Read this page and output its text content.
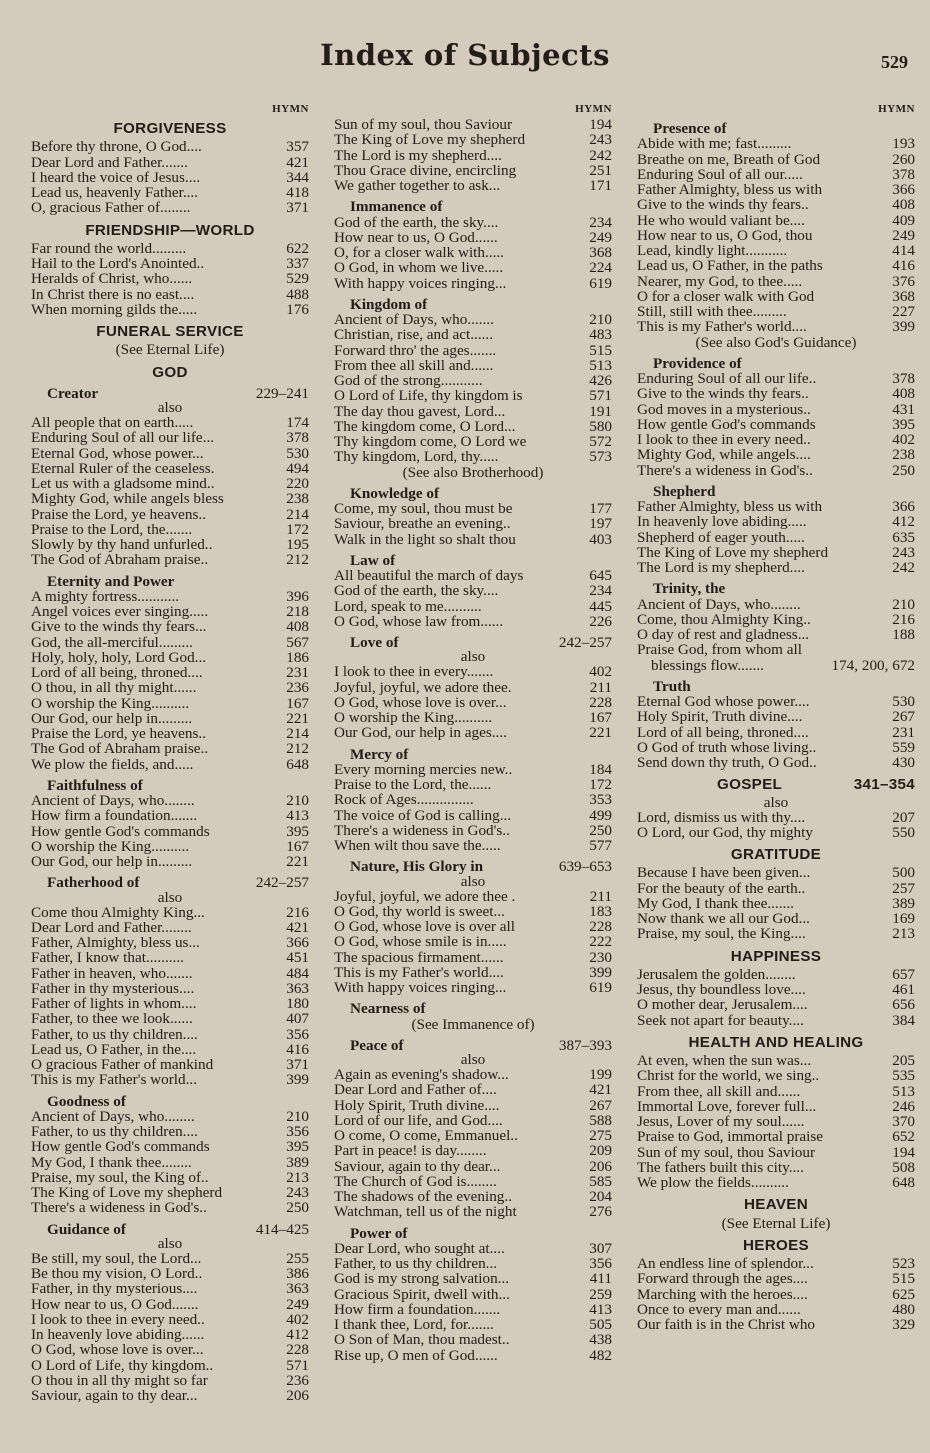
Index of Subjects	529
HYMN
FORGIVENESS
Before thy throne, O God....	357
Dear Lord and Father.......	421
I heard the voice of Jesus....	344
Lead us, heavenly Father....	418
O, gracious Father of........	371
FRIENDSHIP—WORLD
Far round the world.........	622
Hail to the Lord's Anointed..	337
Heralds of Christ, who......	529
In Christ there is no east....	488
When morning gilds the.....	176
FUNERAL SERVICE
(See Eternal Life)
GOD
Creator	229–241
also
All people that on earth.....	174
Enduring Soul of all our life...	378
Eternal God, whose power...	530
Eternal Ruler of the ceaseless.	494
Let us with a gladsome mind..	220
Mighty God, while angels bless	238
Praise the Lord, ye heavens..	214
Praise to the Lord, the.......	172
Slowly by thy hand unfurled..	195
The God of Abraham praise..	212
Eternity and Power
A mighty fortress...........	396
Angel voices ever singing.....	218
Give to the winds thy fears...	408
God, the all-merciful.........	567
Holy, holy, holy, Lord God...	186
Lord of all being, throned....	231
O thou, in all thy might......	236
O worship the King..........	167
Our God, our help in.........	221
Praise the Lord, ye heavens..	214
The God of Abraham praise..	212
We plow the fields, and.....	648
Faithfulness of
Ancient of Days, who........	210
How firm a foundation.......	413
How gentle God's commands	395
O worship the King..........	167
Our God, our help in.........	221
Fatherhood of	242–257
also
Come thou Almighty King...	216
Dear Lord and Father........	421
Father, Almighty, bless us...	366
Father, I know that..........	451
Father in heaven, who.......	484
Father in thy mysterious....	363
Father of lights in whom....	180
Father, to thee we look......	407
Father, to us thy children....	356
Lead us, O Father, in the....	416
O gracious Father of mankind	371
This is my Father's world...	399
Goodness of
Ancient of Days, who........	210
Father, to us thy children....	356
How gentle God's commands	395
My God, I thank thee........	389
Praise, my soul, the King of..	213
The King of Love my shepherd	243
There's a wideness in God's..	250
Guidance of	414–425
also
Be still, my soul, the Lord...	255
Be thou my vision, O Lord..	386
Father, in thy mysterious....	363
How near to us, O God.......	249
I look to thee in every need..	402
In heavenly love abiding......	412
O God, whose love is over...	228
O Lord of Life, thy kingdom..	571
O thou in all thy might so far	236
Saviour, again to thy dear...	206
HYMN
Sun of my soul, thou Saviour	194
The King of Love my shepherd	243
The Lord is my shepherd....	242
Thou Grace divine, encircling	251
We gather together to ask...	171
Immanence of
God of the earth, the sky....	234
How near to us, O God......	249
O, for a closer walk with.....	368
O God, in whom we live.....	224
With happy voices ringing...	619
Kingdom of
Ancient of Days, who.......	210
Christian, rise, and act......	483
Forward thro' the ages.......	515
From thee all skill and......	513
God of the strong...........	426
O Lord of Life, thy kingdom is	571
The day thou gavest, Lord...	191
The kingdom come, O Lord...	580
Thy kingdom come, O Lord we	572
Thy kingdom, Lord, thy.....	573
(See also Brotherhood)
Knowledge of
Come, my soul, thou must be	177
Saviour, breathe an evening..	197
Walk in the light so shalt thou	403
Law of
All beautiful the march of days	645
God of the earth, the sky....	234
Lord, speak to me..........	445
O God, whose law from......	226
Love of	242–257
also
I look to thee in every.......	402
Joyful, joyful, we adore thee.	211
O God, whose love is over...	228
O worship the King..........	167
Our God, our help in ages....	221
Mercy of
Every morning mercies new..	184
Praise to the Lord, the......	172
Rock of Ages...............	353
The voice of God is calling...	499
There's a wideness in God's..	250
When wilt thou save the.....	577
Nature, His Glory in	639–653
also
Joyful, joyful, we adore thee .	211
O God, thy world is sweet...	183
O God, whose love is over all	228
O God, whose smile is in.....	222
The spacious firmament......	230
This is my Father's world....	399
With happy voices ringing...	619
Nearness of
(See Immanence of)
Peace of	387–393
also
Again as evening's shadow...	199
Dear Lord and Father of....	421
Holy Spirit, Truth divine....	267
Lord of our life, and God....	588
O come, O come, Emmanuel..	275
Part in peace! is day........	209
Saviour, again to thy dear...	206
The Church of God is........	585
The shadows of the evening..	204
Watchman, tell us of the night	276
Power of
Dear Lord, who sought at....	307
Father, to us thy children...	356
God is my strong salvation...	411
Gracious Spirit, dwell with...	259
How firm a foundation.......	413
I thank thee, Lord, for.......	505
O Son of Man, thou madest..	438
Rise up, O men of God......	482
HYMN
Presence of
Abide with me; fast.........	193
Breathe on me, Breath of God	260
Enduring Soul of all our.....	378
Father Almighty, bless us with	366
Give to the winds thy fears..	408
He who would valiant be....	409
How near to us, O God, thou	249
Lead, kindly light...........	414
Lead us, O Father, in the paths	416
Nearer, my God, to thee.....	376
O for a closer walk with God	368
Still, still with thee.........	227
This is my Father's world....	399
(See also God's Guidance)
Providence of
Enduring Soul of all our life..	378
Give to the winds thy fears..	408
God moves in a mysterious..	431
How gentle God's commands	395
I look to thee in every need..	402
Mighty God, while angels....	238
There's a wideness in God's..	250
Shepherd
Father Almighty, bless us with	366
In heavenly love abiding.....	412
Shepherd of eager youth.....	635
The King of Love my shepherd	243
The Lord is my shepherd....	242
Trinity, the
Ancient of Days, who........	210
Come, thou Almighty King..	216
O day of rest and gladness...	188
Praise God, from whom all
blessings flow.......	174, 200, 672
Truth
Eternal God whose power....	530
Holy Spirit, Truth divine....	267
Lord of all being, throned....	231
O God of truth whose living..	559
Send down thy truth, O God..	430
GOSPEL	341–354
also
Lord, dismiss us with thy....	207
O Lord, our God, thy mighty	550
GRATITUDE
Because I have been given...	500
For the beauty of the earth..	257
My God, I thank thee.......	389
Now thank we all our God...	169
Praise, my soul, the King....	213
HAPPINESS
Jerusalem the golden........	657
Jesus, thy boundless love....	461
O mother dear, Jerusalem....	656
Seek not apart for beauty....	384
HEALTH AND HEALING
At even, when the sun was...	205
Christ for the world, we sing..	535
From thee, all skill and......	513
Immortal Love, forever full...	246
Jesus, Lover of my soul......	370
Praise to God, immortal praise	652
Sun of my soul, thou Saviour	194
The fathers built this city....	508
We plow the fields..........	648
HEAVEN
(See Eternal Life)
HEROES
An endless line of splendor...	523
Forward through the ages....	515
Marching with the heroes....	625
Once to every man and......	480
Our faith is in the Christ who	329
